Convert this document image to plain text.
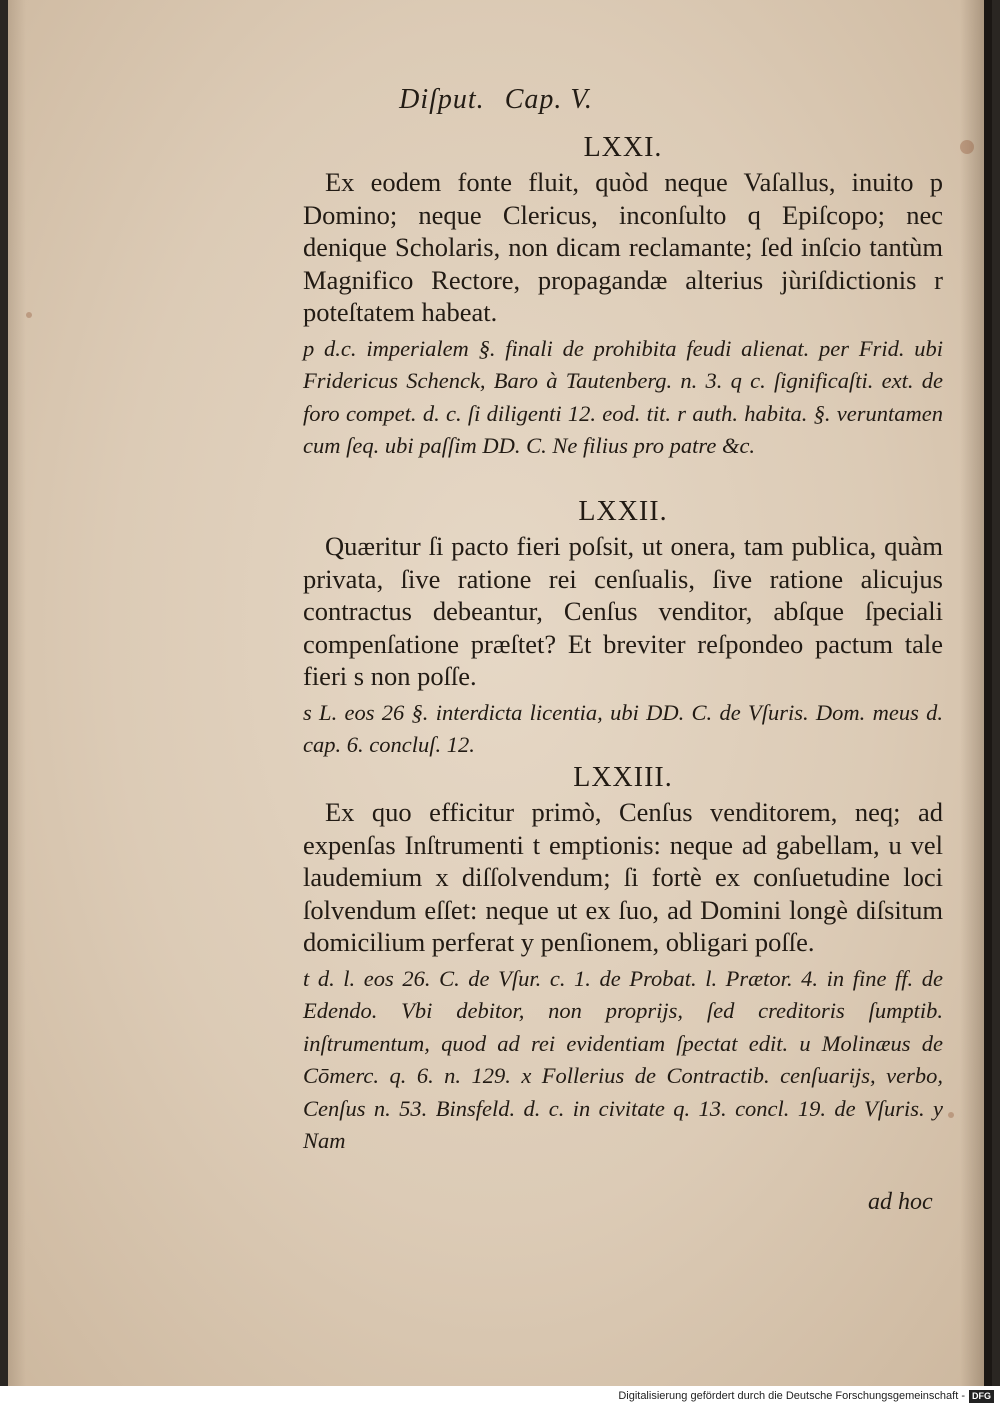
Diſput. Cap. V.

LXXI.

Ex eodem fonte fluit, quòd neque Vaſallus, inuito p Domino; neque Clericus, inconſulto q Epiſcopo; nec denique Scholaris, non dicam reclamante; ſed inſcio tantùm Magnifico Rectore, propagandæ alterius jùriſdictionis r poteſtatem habeat.

p d.c. imperialem §. finali de prohibita feudi alienat. per Frid. ubi Fridericus Schenck, Baro à Tautenberg. n. 3. q c. ſignificaſti. ext. de foro compet. d. c. ſi diligenti 12. eod. tit. r auth. habita. §. veruntamen cum ſeq. ubi paſſim DD. C. Ne filius pro patre &c.

LXXII.

Quæritur ſi pacto fieri poſsit, ut onera, tam publica, quàm privata, ſive ratione rei cenſualis, ſive ratione alicujus contractus debeantur, Cenſus venditor, abſque ſpeciali compenſatione præſtet? Et breviter reſpondeo pactum tale fieri s non poſſe.

s L. eos 26 §. interdicta licentia, ubi DD. C. de Vſuris. Dom. meus d. cap. 6. concluſ. 12.

LXXIII.

Ex quo efficitur primò, Cenſus venditorem, neq; ad expenſas Inſtrumenti t emptionis: neque ad gabellam, u vel laudemium x diſſolvendum; ſi fortè ex conſuetudine loci ſolvendum eſſet: neque ut ex ſuo, ad Domini longè diſsitum domicilium perferat y penſionem, obligari poſſe.

t d. l. eos 26. C. de Vſur. c. 1. de Probat. l. Prætor. 4. in fine ff. de Edendo. Vbi debitor, non proprijs, ſed creditoris ſumptib. inſtrumentum, quod ad rei evidentiam ſpectat edit. u Molinæus de Cōmerc. q. 6. n. 129. x Follerius de Contractib. cenſuarijs, verbo, Cenſus n. 53. Binsfeld. d. c. in civitate q. 13. concl. 19. de Vſuris. y Nam

ad hoc
Digitalisierung gefördert durch die Deutsche Forschungsgemeinschaft - DFG
